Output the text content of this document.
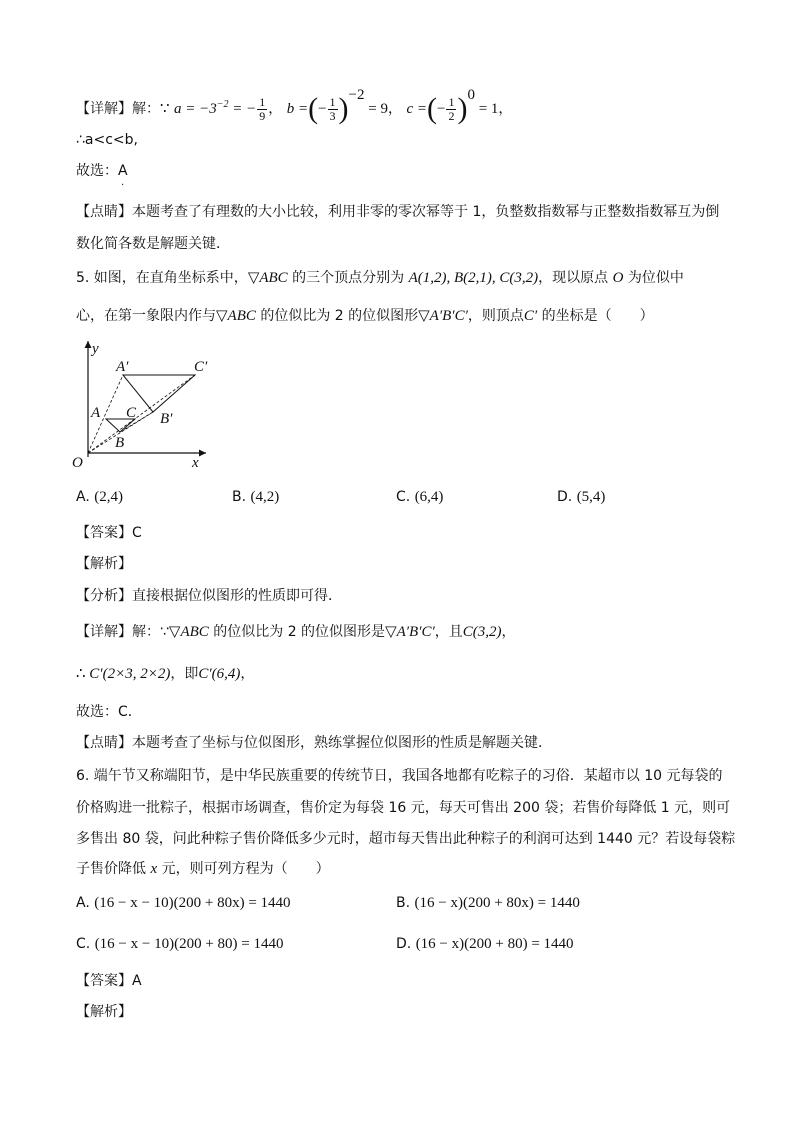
【详解】解：∵ $a = -3^{-2}$ = − $\frac{1}{9}$ ， b =(− $\frac{1}{3} )^{-2} = 9$， c =(− $\frac{1}{2} )^0 = 1$，
∴a<c<b,
故选：A
.
【点睛】本题考查了有理数的大小比较，利用非零的零次幂等于 1，负整数指数幂与正整数指数幂互为倒
数化简各数是解题关键．
5. 如图，在直角坐标系中，▽ABC 的三个顶点分别为 A(1,2), B(2,1), C(3,2)，现以原点 O 为位似中
心，在第一象限内作与▽ABC 的位似比为 2 的位似图形▽A′B′C′，则顶点C′ 的坐标是（　　）
y
x
O
A
B
C
A′
B′
C′
A. (2,4)	B. (4,2)	C. (6,4)	D. (5,4)
【答案】C
【解析】
【分析】直接根据位似图形的性质即可得．
【详解】解：∵▽ABC 的位似比为 2 的位似图形是▽A′B′C′，且C(3,2)，
∴ C′(2×3, 2×2)，即C′(6,4)，
故选：C．
【点睛】本题考查了坐标与位似图形，熟练掌握位似图形的性质是解题关键．
6. 端午节又称端阳节，是中华民族重要的传统节日，我国各地都有吃粽子的习俗．某超市以 10 元每袋的
价格购进一批粽子，根据市场调查，售价定为每袋 16 元，每天可售出 200 袋；若售价每降低 1 元，则可
多售出 80 袋，问此种粽子售价降低多少元时，超市每天售出此种粽子的利润可达到 1440 元？若设每袋粽
子售价降低 x 元，则可列方程为（　　）
A. (16 − x − 10)(200 + 80x) = 1440	B. (16 − x)(200 + 80x) = 1440
C. (16 − x − 10)(200 + 80) = 1440	D. (16 − x)(200 + 80) = 1440
【答案】A
【解析】
